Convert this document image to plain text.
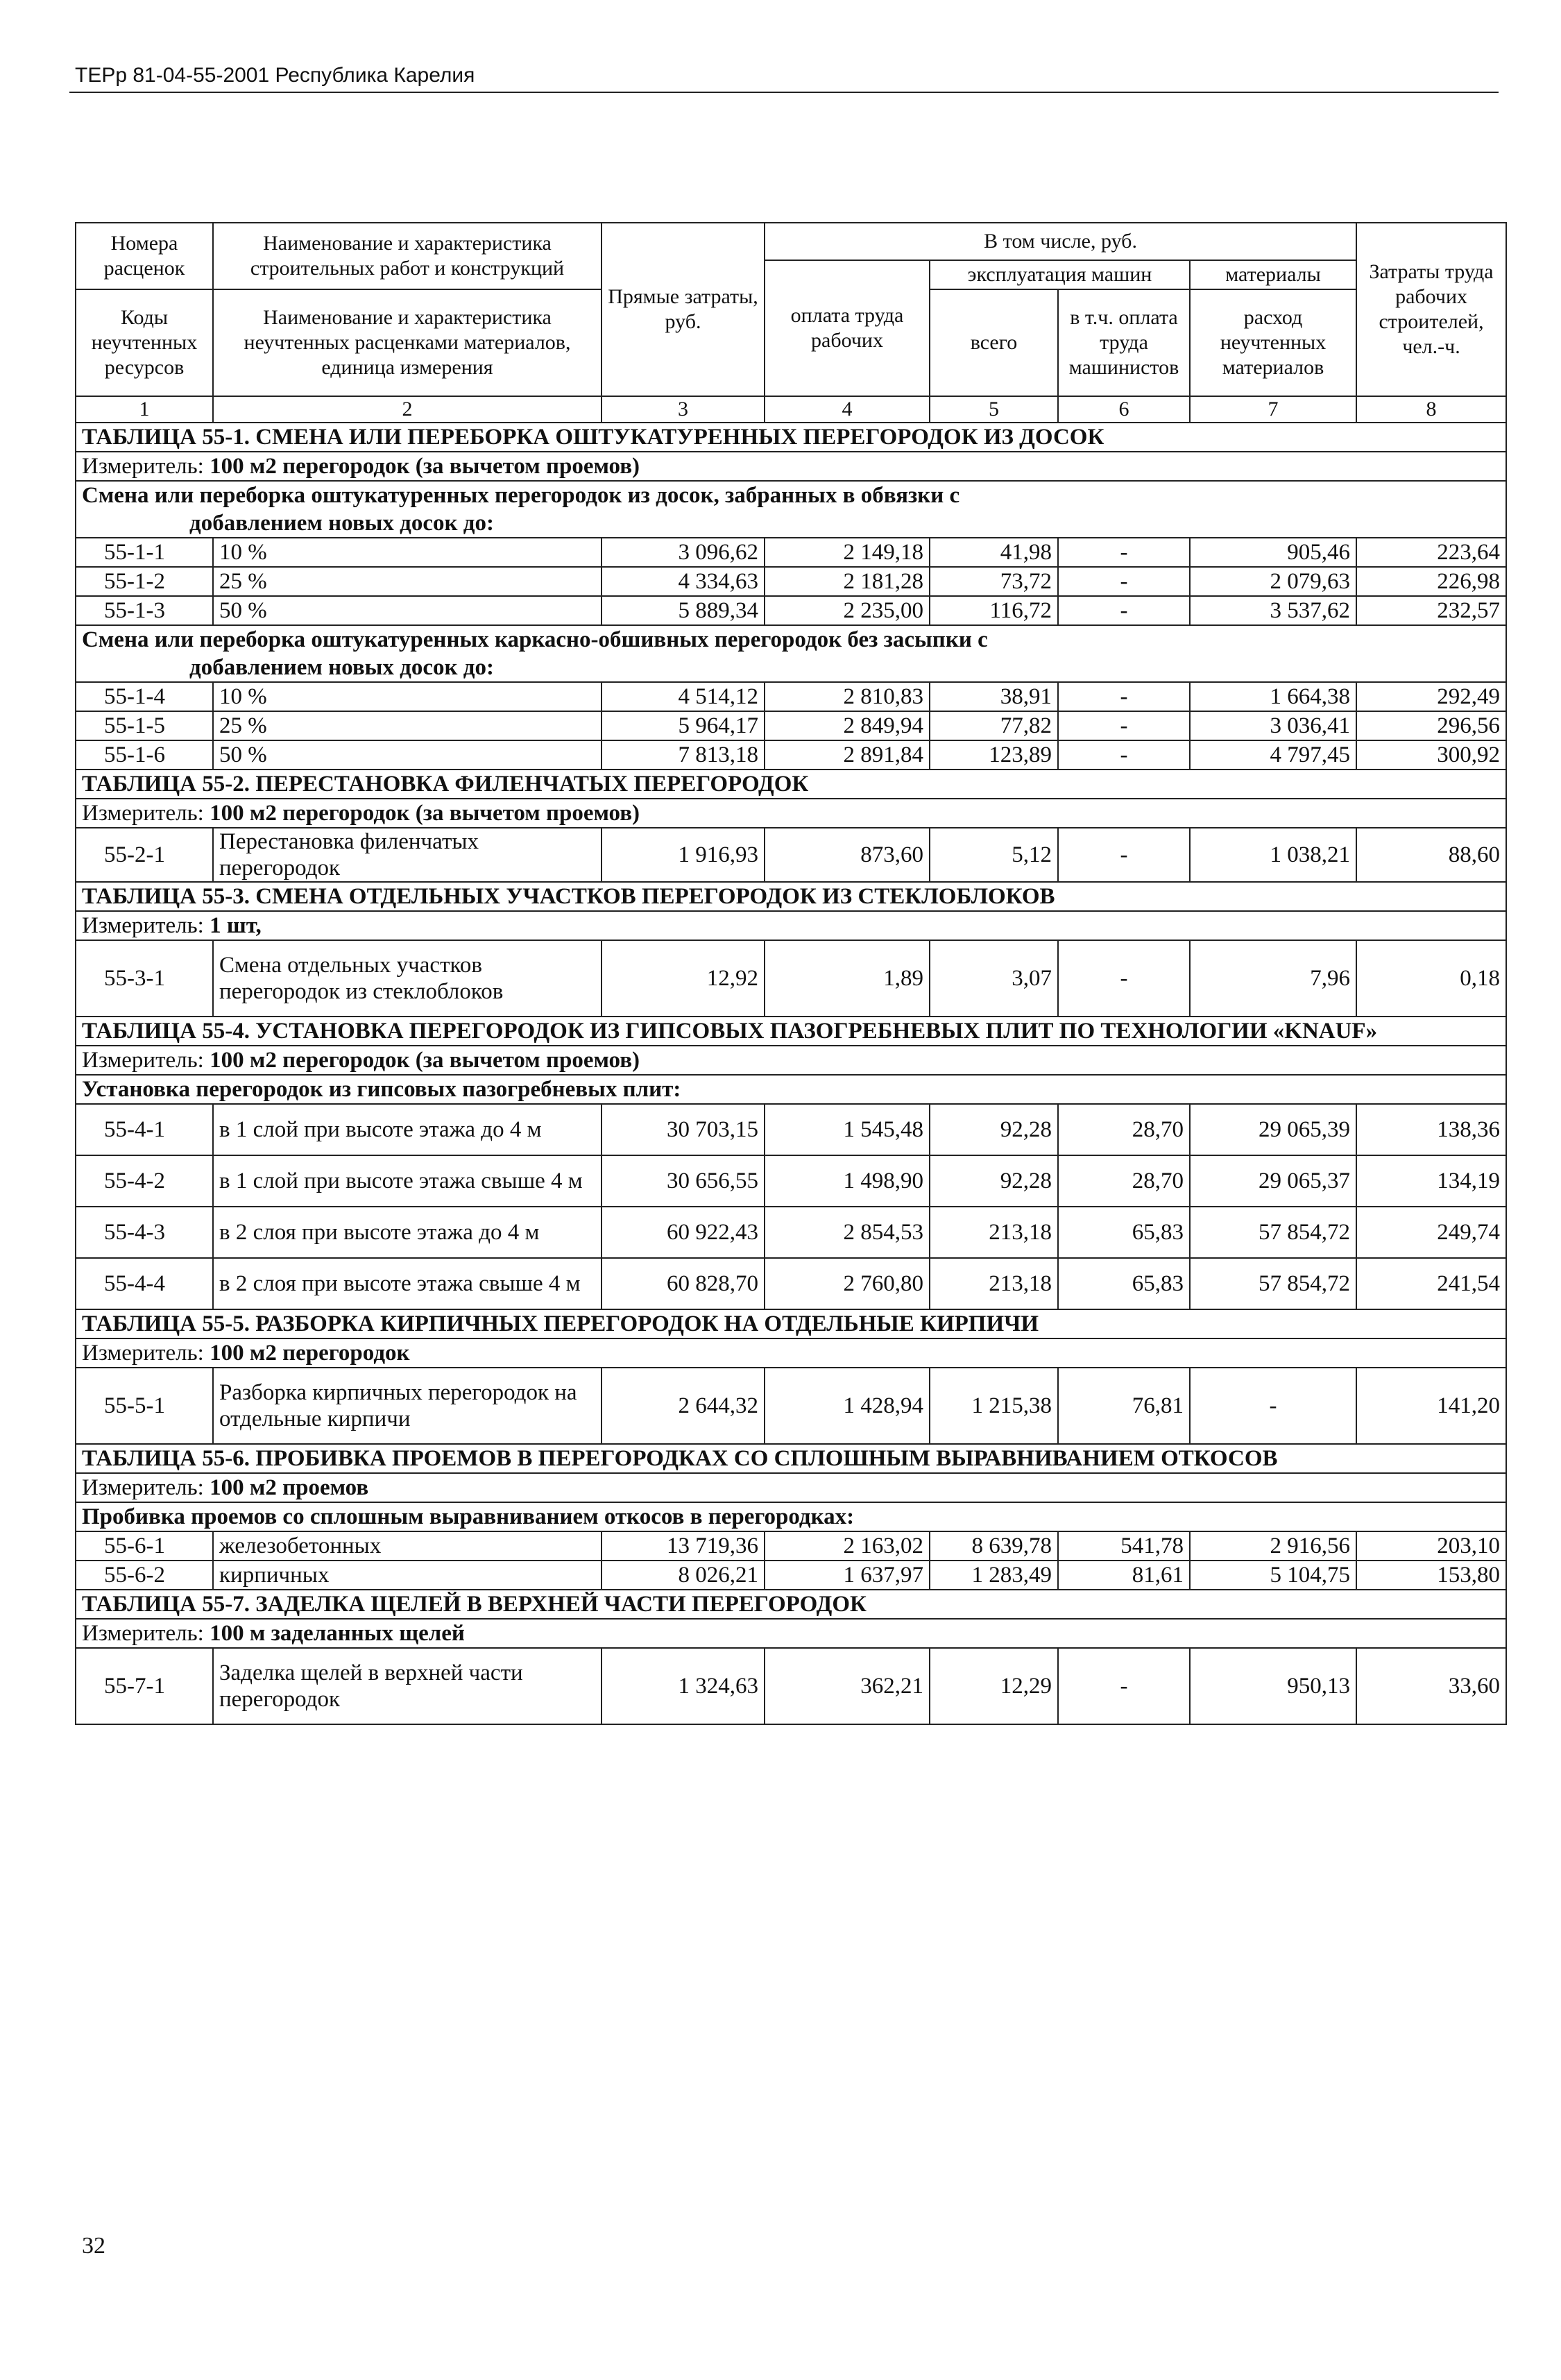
ТЕРр 81-04-55-2001 Республика Карелия
Номера расценок	Наименование и характеристика строительных работ и конструкций	Прямые затраты, руб.	В том числе, руб.				Затраты труда рабочих строителей, чел.-ч.
			оплата труда рабочих	эксплуатация машин		материалы	
Коды неучтенных ресурсов	Наименование и характеристика неучтенных расценками материалов, единица измерения			всего	в т.ч. оплата труда машинистов	расход неучтенных материалов	

1	2	3	4	5	6	7	8
ТАБЛИЦА 55-1. СМЕНА ИЛИ ПЕРЕБОРКА ОШТУКАТУРЕННЫХ ПЕРЕГОРОДОК ИЗ ДОСОК							
Измеритель: 100 м2 перегородок (за вычетом проемов)							
Смена или переборка оштукатуренных перегородок из досок, забранных в обвязки с
добавлением новых досок до:							

55-1-1	10 %	3 096,62	2 149,18	41,98	-	905,46	223,64
55-1-2	25 %	4 334,63	2 181,28	73,72	-	2 079,63	226,98
55-1-3	50 %	5 889,34	2 235,00	116,72	-	3 537,62	232,57
Смена или переборка оштукатуренных каркасно-обшивных перегородок без засыпки с
добавлением новых досок до:							

55-1-4	10 %	4 514,12	2 810,83	38,91	-	1 664,38	292,49
55-1-5	25 %	5 964,17	2 849,94	77,82	-	3 036,41	296,56
55-1-6	50 %	7 813,18	2 891,84	123,89	-	4 797,45	300,92
ТАБЛИЦА 55-2. ПЕРЕСТАНОВКА ФИЛЕНЧАТЫХ ПЕРЕГОРОДОК							
Измеритель: 100 м2 перегородок (за вычетом проемов)							
55-2-1	Перестановка филенчатых перегородок	1 916,93	873,60	5,12	-	1 038,21	88,60
ТАБЛИЦА 55-3. СМЕНА ОТДЕЛЬНЫХ УЧАСТКОВ ПЕРЕГОРОДОК ИЗ СТЕКЛОБЛОКОВ							
Измеритель: 1 шт,							
55-3-1	Смена отдельных участков перегородок из стеклоблоков	12,92	1,89	3,07	-	7,96	0,18
ТАБЛИЦА 55-4. УСТАНОВКА ПЕРЕГОРОДОК ИЗ ГИПСОВЫХ ПАЗОГРЕБНЕВЫХ ПЛИТ ПО ТЕХНОЛОГИИ «KNAUF»							
Измеритель: 100 м2 перегородок (за вычетом проемов)							
Установка перегородок из гипсовых пазогребневых плит:							
55-4-1	в 1 слой при высоте этажа до 4 м	30 703,15	1 545,48	92,28	28,70	29 065,39	138,36
55-4-2	в 1 слой при высоте этажа свыше 4 м	30 656,55	1 498,90	92,28	28,70	29 065,37	134,19
55-4-3	в 2 слоя при высоте этажа до 4 м	60 922,43	2 854,53	213,18	65,83	57 854,72	249,74
55-4-4	в 2 слоя при высоте этажа свыше 4 м	60 828,70	2 760,80	213,18	65,83	57 854,72	241,54
ТАБЛИЦА 55-5. РАЗБОРКА КИРПИЧНЫХ ПЕРЕГОРОДОК НА ОТДЕЛЬНЫЕ КИРПИЧИ							
Измеритель: 100 м2 перегородок							
55-5-1	Разборка кирпичных перегородок на отдельные кирпичи	2 644,32	1 428,94	1 215,38	76,81	-	141,20
ТАБЛИЦА 55-6. ПРОБИВКА ПРОЕМОВ В ПЕРЕГОРОДКАХ СО СПЛОШНЫМ ВЫРАВНИВАНИЕМ ОТКОСОВ							
Измеритель: 100 м2 проемов							
Пробивка проемов со сплошным выравниванием откосов в перегородках:							
55-6-1	железобетонных	13 719,36	2 163,02	8 639,78	541,78	2 916,56	203,10
55-6-2	кирпичных	8 026,21	1 637,97	1 283,49	81,61	5 104,75	153,80
ТАБЛИЦА 55-7. ЗАДЕЛКА ЩЕЛЕЙ В ВЕРХНЕЙ ЧАСТИ ПЕРЕГОРОДОК							
Измеритель: 100 м заделанных щелей							
55-7-1	Заделка щелей в верхней части перегородок	1 324,63	362,21	12,29	-	950,13	33,60
32
